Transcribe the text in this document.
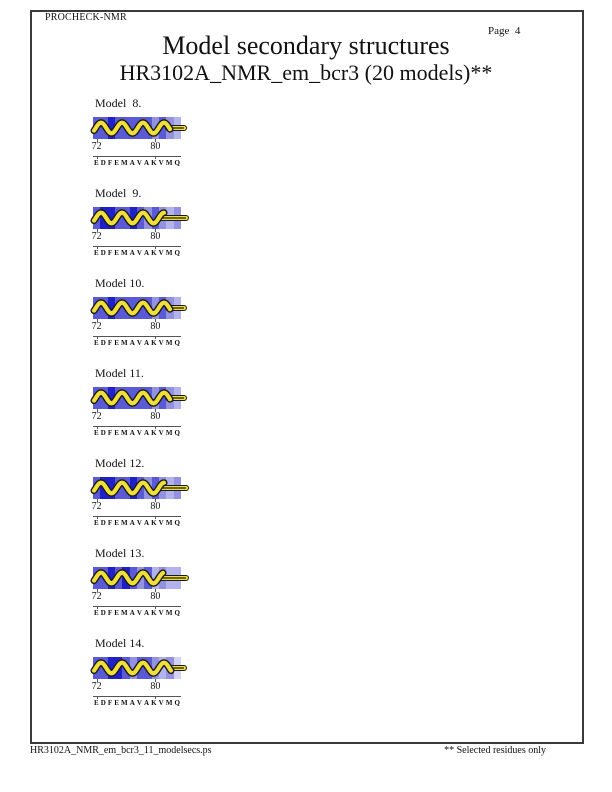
PROCHECK-NMR
Page  4
Model secondary structures
HR3102A_NMR_em_bcr3 (20 models)**
Model  8.
E D F E M A V A K V M Q
72	80
Model  9.
E D F E M A V A K V M Q
72	80
Model 10.
E D F E M A V A K V M Q
72	80
Model 11.
E D F E M A V A K V M Q
72	80
Model 12.
E D F E M A V A K V M Q
72	80
Model 13.
E D F E M A V A K V M Q
72	80
Model 14.
E D F E M A V A K V M Q
72	80
HR3102A_NMR_em_bcr3_11_modelsecs.ps	** Selected residues only
